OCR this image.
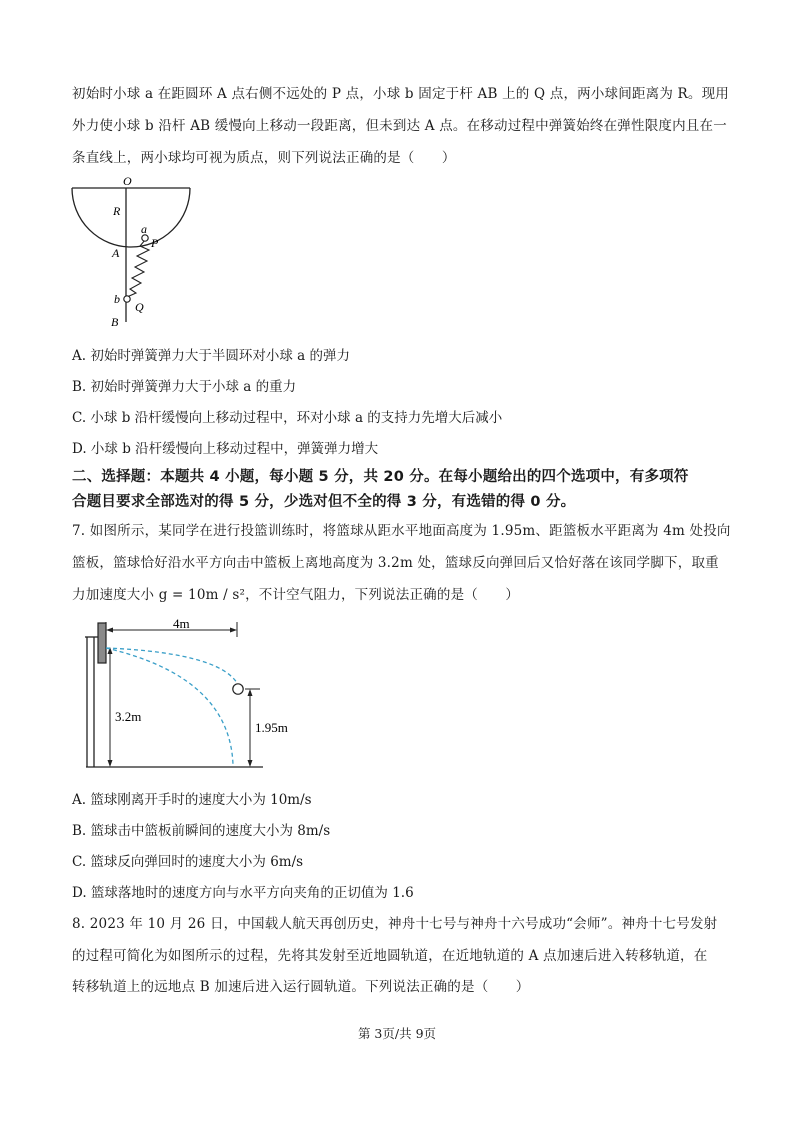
初始时小球 a 在距圆环 A 点右侧不远处的 P 点，小球 b 固定于杆 AB 上的 Q 点，两小球间距离为 R。现用
外力使小球 b 沿杆 AB 缓慢向上移动一段距离，但未到达 A 点。在移动过程中弹簧始终在弹性限度内且在一
条直线上，两小球均可视为质点，则下列说法正确的是（　　）
O
R
a
P
A
b
Q
B
A. 初始时弹簧弹力大于半圆环对小球 a 的弹力
B. 初始时弹簧弹力大于小球 a 的重力
C. 小球 b 沿杆缓慢向上移动过程中，环对小球 a 的支持力先增大后减小
D. 小球 b 沿杆缓慢向上移动过程中，弹簧弹力增大
二、选择题：本题共 4 小题，每小题 5 分，共 20 分。在每小题给出的四个选项中，有多项符
合题目要求全部选对的得 5 分，少选对但不全的得 3 分，有选错的得 0 分。
7. 如图所示，某同学在进行投篮训练时，将篮球从距水平地面高度为 1.95m、距篮板水平距离为 4m 处投向
篮板，篮球恰好沿水平方向击中篮板上离地高度为 3.2m 处，篮球反向弹回后又恰好落在该同学脚下，取重
力加速度大小 g = 10m / s²，不计空气阻力，下列说法正确的是（　　）
4m
3.2m
1.95m
A. 篮球刚离开手时的速度大小为 10m/s
B. 篮球击中篮板前瞬间的速度大小为 8m/s
C. 篮球反向弹回时的速度大小为 6m/s
D. 篮球落地时的速度方向与水平方向夹角的正切值为 1.6
8. 2023 年 10 月 26 日，中国载人航天再创历史，神舟十七号与神舟十六号成功“会师”。神舟十七号发射
的过程可简化为如图所示的过程，先将其发射至近地圆轨道，在近地轨道的 A 点加速后进入转移轨道，在
转移轨道上的远地点 B 加速后进入运行圆轨道。下列说法正确的是（　　）
第 3页/共 9页
